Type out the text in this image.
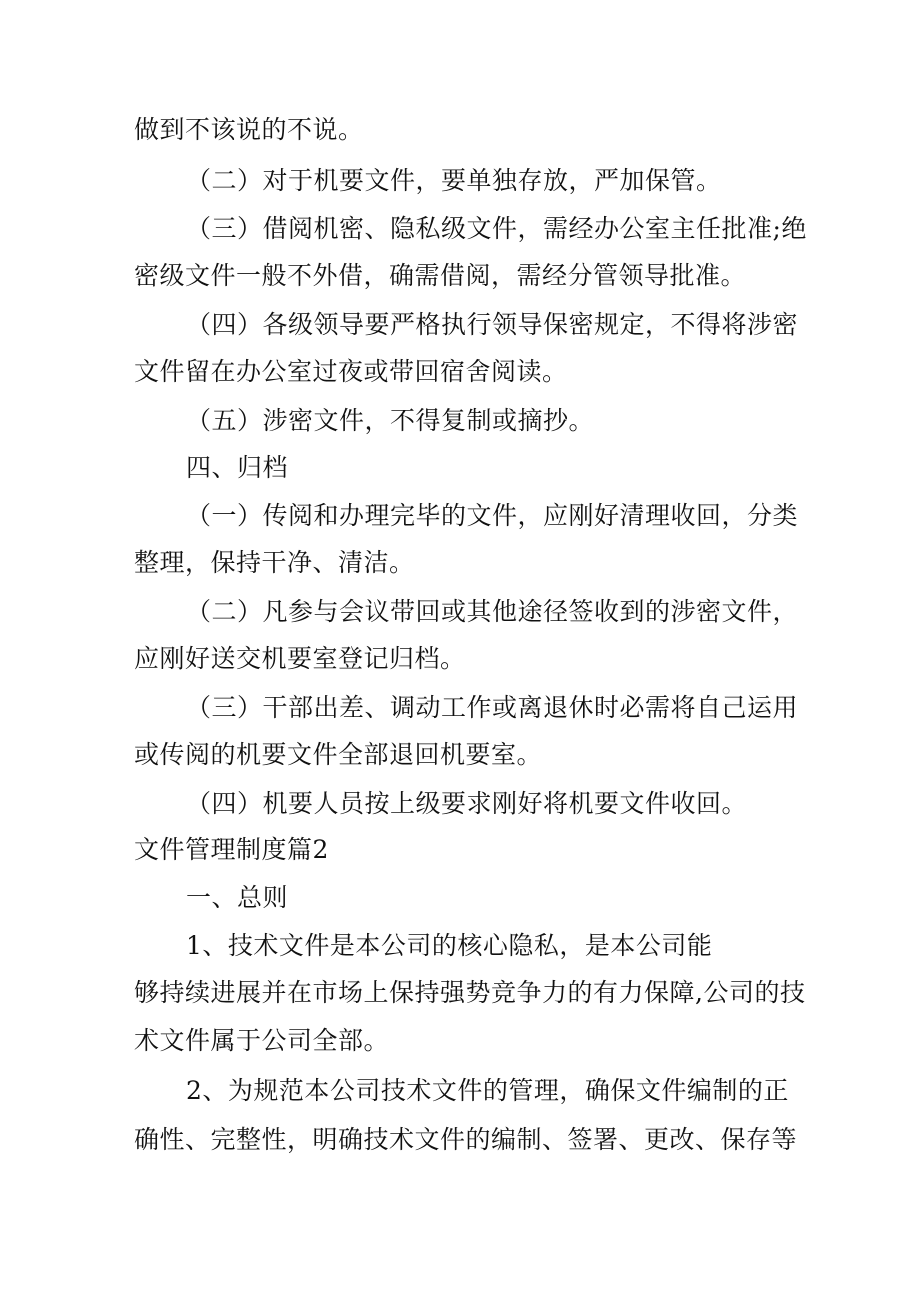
做到不该说的不说。
（二）对于机要文件，要单独存放，严加保管。
（三）借阅机密、隐私级文件，需经办公室主任批准;绝
密级文件一般不外借，确需借阅，需经分管领导批准。
（四）各级领导要严格执行领导保密规定，不得将涉密
文件留在办公室过夜或带回宿舍阅读。
（五）涉密文件，不得复制或摘抄。
四、归档
（一）传阅和办理完毕的文件，应刚好清理收回，分类
整理，保持干净、清洁。
（二）凡参与会议带回或其他途径签收到的涉密文件，
应刚好送交机要室登记归档。
（三）干部出差、调动工作或离退休时必需将自己运用
或传阅的机要文件全部退回机要室。
（四）机要人员按上级要求刚好将机要文件收回。
文件管理制度篇2
一、总则
1、技术文件是本公司的核心隐私，是本公司能
够持续进展并在市场上保持强势竞争力的有力保障,公司的技
术文件属于公司全部。
2、为规范本公司技术文件的管理，确保文件编制的正
确性、完整性，明确技术文件的编制、签署、更改、保存等
